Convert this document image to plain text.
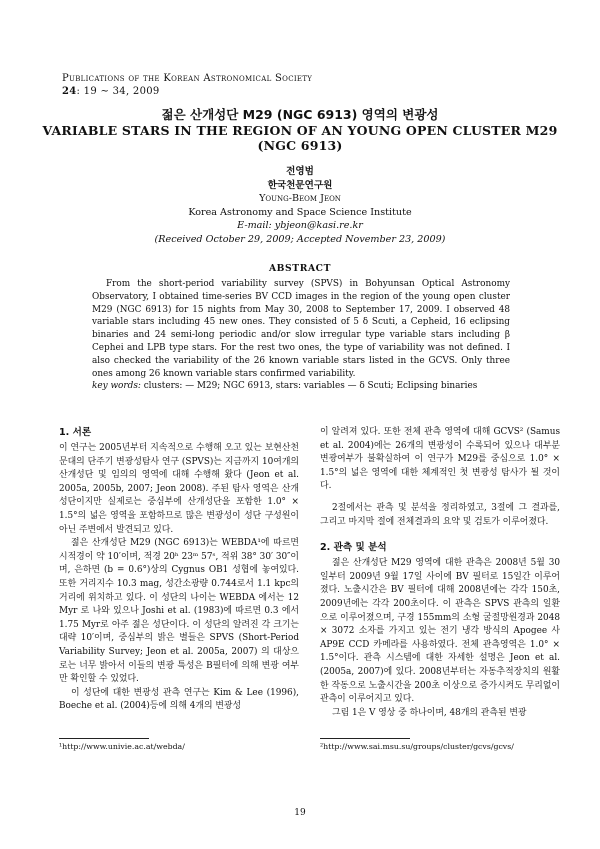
Publications of the Korean Astronomical Society
24: 19 ∼ 34, 2009
젊은 산개성단 M29 (NGC 6913) 영역의 변광성
VARIABLE STARS IN THE REGION OF AN YOUNG OPEN CLUSTER M29 (NGC 6913)
전영범
한국천문연구원
Young-Beom Jeon
Korea Astronomy and Space Science Institute
E-mail: ybjeon@kasi.re.kr
(Received October 29, 2009; Accepted November 23, 2009)
ABSTRACT
From the short-period variability survey (SPVS) in Bohyunsan Optical Astronomy Observatory, I obtained time-series BV CCD images in the region of the young open cluster M29 (NGC 6913) for 15 nights from May 30, 2008 to September 17, 2009. I observed 48 variable stars including 45 new ones. They consisted of 5 δ Scuti, a Cepheid, 16 eclipsing binaries and 24 semi-long periodic and/or slow irregular type variable stars including β Cephei and LPB type stars. For the rest two ones, the type of variability was not defined. I also checked the variability of the 26 known variable stars listed in the GCVS. Only three ones among 26 known variable stars confirmed variability.
key words: clusters: — M29; NGC 6913, stars: variables — δ Scuti; Eclipsing binaries
1. 서론

이 연구는 2005년부터 지속적으로 수행해 오고 있는 보현산천문대의 단주기 변광성탐사 연구 (SPVS)는 지금까지 10여개의 산개성단 및 임의의 영역에 대해 수행해 왔다 (Jeon et al. 2005a, 2005b, 2007; Jeon 2008). 주된 탐사 영역은 산개성단이지만 실제로는 중심부에 산개성단을 포함한 1.0° × 1.5°의 넓은 영역을 포함하므로 많은 변광성이 성단 구성원이 아닌 주변에서 발견되고 있다.

젊은 산개성단 M29 (NGC 6913)는 WEBDA¹에 따르면 시적경이 약 10′이며, 적경 20ʰ 23ᵐ 57ˢ, 적위 38° 30′ 30″이며, 은하면 (b = 0.6°)상의 Cygnus OB1 성협에 놓여있다. 또한 거리지수 10.3 mag, 성간소광량 0.744로서 1.1 kpc의 거리에 위치하고 있다. 이 성단의 나이는 WEBDA 에서는 12 Myr 로 나와 있으나 Joshi et al. (1983)에 따르면 0.3 에서 1.75 Myr로 아주 젊은 성단이다. 이 성단의 알려진 각 크기는 대략 10′이며, 중심부의 밝은 별들은 SPVS (Short-Period Variability Survey; Jeon et al. 2005a, 2007) 의 대상으로는 너무 밝아서 이들의 변광 특성은 B필터에 의해 변광 여부만 확인할 수 있었다.

이 성단에 대한 변광성 관측 연구는 Kim & Lee (1996), Boeche et al. (2004)등에 의해 4개의 변광성

이 알려져 있다. 또한 전체 관측 영역에 대해 GCVS² (Samus et al. 2004)에는 26개의 변광성이 수록되어 있으나 대부분 변광여부가 불확실하여 이 연구가 M29를 중심으로 1.0° × 1.5°의 넓은 영역에 대한 체계적인 첫 변광성 탐사가 될 것이다.

2절에서는 관측 및 분석을 정리하였고, 3절에 그 결과를, 그리고 마지막 절에 전체결과의 요약 및 검토가 이루어졌다.

2. 관측 및 분석

젊은 산개성단 M29 영역에 대한 관측은 2008년 5월 30일부터 2009년 9월 17일 사이에 BV 필터로 15일간 이루어졌다. 노출시간은 BV 필터에 대해 2008년에는 각각 150초, 2009년에는 각각 200초이다. 이 관측은 SPVS 관측의 일환으로 이루어졌으며, 구경 155mm의 소형 굴절망원경과 2048 × 3072 소자를 가지고 있는 전기 냉각 방식의 Apogee 사 AP9E CCD 카메라를 사용하였다. 전체 관측영역은 1.0° × 1.5°이다. 관측 시스템에 대한 자세한 설명은 Jeon et al. (2005a, 2007)에 있다. 2008년부터는 자동추적장치의 원활한 작동으로 노출시간을 200초 이상으로 증가시켜도 무리없이 관측이 이루어지고 있다.

그림 1은 V 영상 중 하나이며, 48개의 관측된 변광

¹http://www.univie.ac.at/webda/	²http://www.sai.msu.su/groups/cluster/gcvs/gcvs/
19
